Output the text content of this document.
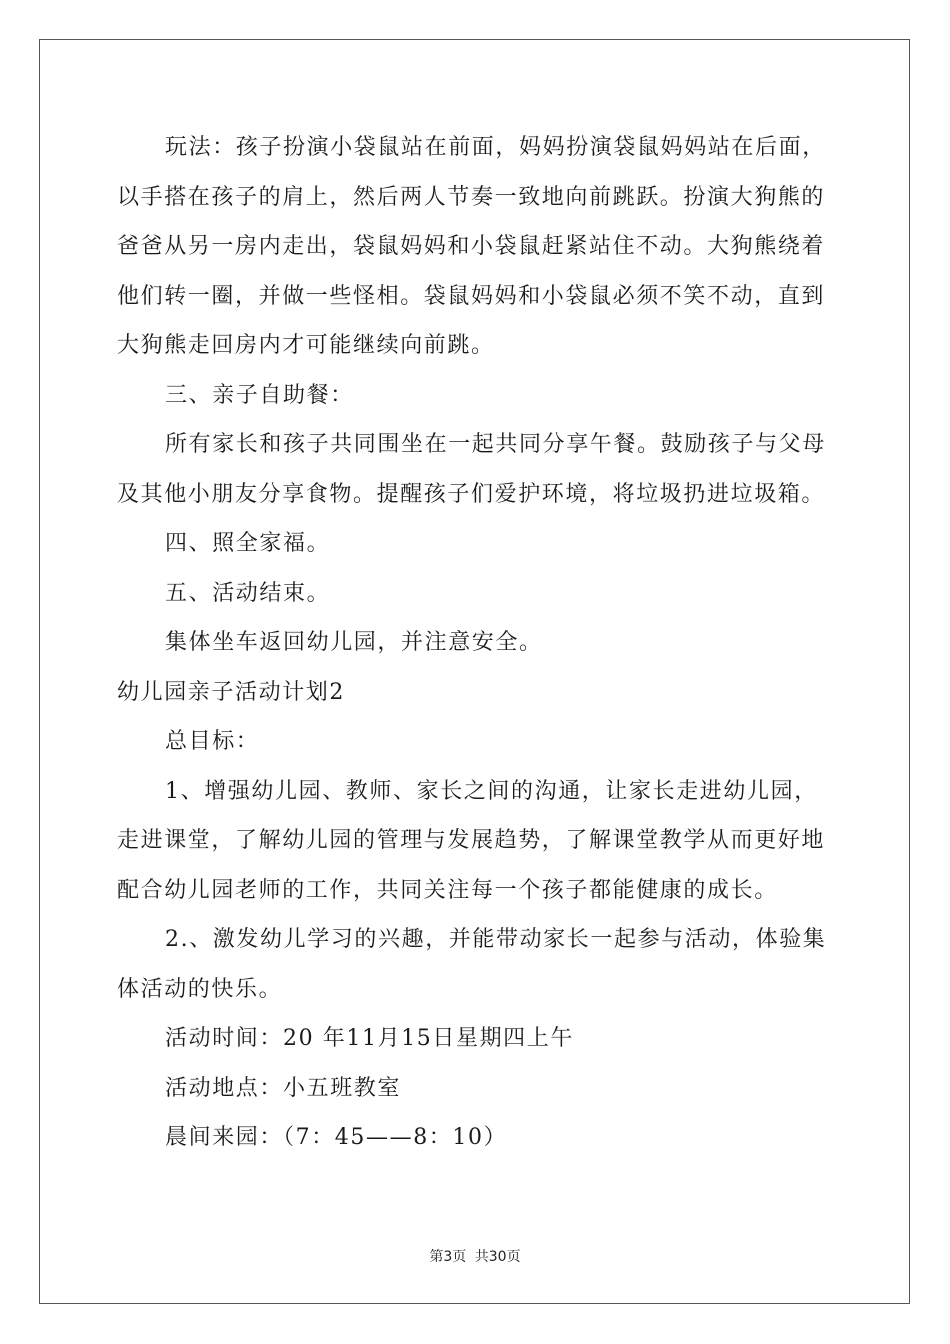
玩法：孩子扮演小袋鼠站在前面，妈妈扮演袋鼠妈妈站在后面，
以手搭在孩子的肩上，然后两人节奏一致地向前跳跃。扮演大狗熊的
爸爸从另一房内走出，袋鼠妈妈和小袋鼠赶紧站住不动。大狗熊绕着
他们转一圈，并做一些怪相。袋鼠妈妈和小袋鼠必须不笑不动，直到
大狗熊走回房内才可能继续向前跳。
三、亲子自助餐：
所有家长和孩子共同围坐在一起共同分享午餐。鼓励孩子与父母
及其他小朋友分享食物。提醒孩子们爱护环境，将垃圾扔进垃圾箱。
四、照全家福。
五、活动结束。
集体坐车返回幼儿园，并注意安全。
幼儿园亲子活动计划2
总目标：
1、增强幼儿园、教师、家长之间的沟通，让家长走进幼儿园，
走进课堂，了解幼儿园的管理与发展趋势，了解课堂教学从而更好地
配合幼儿园老师的工作，共同关注每一个孩子都能健康的成长。
2.、激发幼儿学习的兴趣，并能带动家长一起参与活动，体验集
体活动的快乐。
活动时间：20 年11月15日星期四上午
活动地点：小五班教室
晨间来园：（7：45——8：10）
第3页 共30页
